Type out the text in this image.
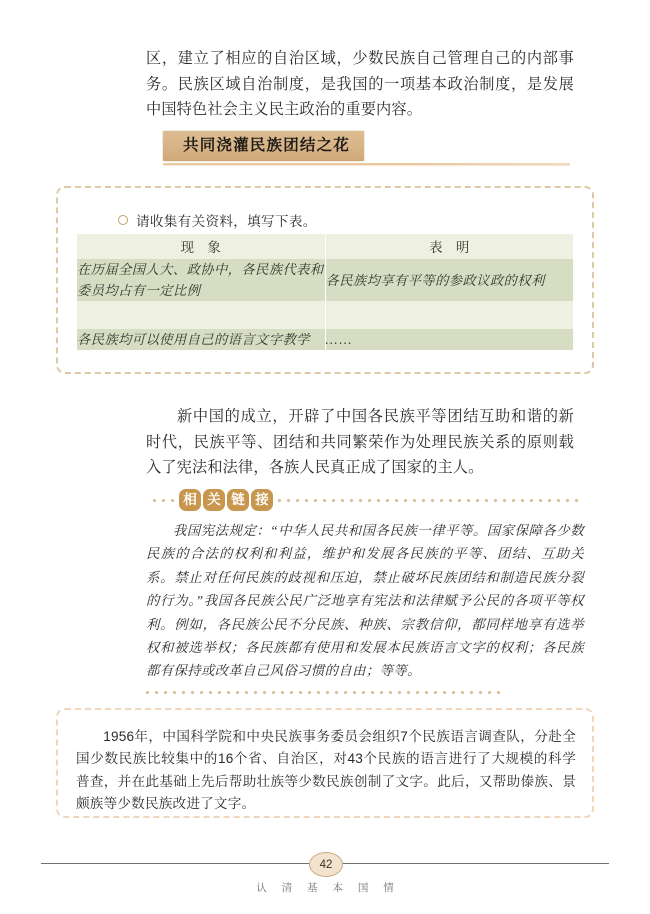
区，建立了相应的自治区域，少数民族自己管理自己的内部事务。民族区域自治制度，是我国的一项基本政治制度，是发展中国特色社会主义民主政治的重要内容。
共同浇灌民族团结之花
请收集有关资料，填写下表。
现 象	表 明
在历届全国人大、政协中，各民族代表和委员均占有一定比例	各民族均享有平等的参政议政的权利

各民族均可以使用自己的语言文字教学	……
新中国的成立，开辟了中国各民族平等团结互助和谐的新时代，民族平等、团结和共同繁荣作为处理民族关系的原则载入了宪法和法律，各族人民真正成了国家的主人。
相 关 链 接
我国宪法规定：“中华人民共和国各民族一律平等。国家保障各少数民族的合法的权利和利益，维护和发展各民族的平等、团结、互助关系。禁止对任何民族的歧视和压迫，禁止破坏民族团结和制造民族分裂的行为。”我国各民族公民广泛地享有宪法和法律赋予公民的各项平等权利。例如，各民族公民不分民族、种族、宗教信仰，都同样地享有选举权和被选举权；各民族都有使用和发展本民族语言文字的权利；各民族都有保持或改革自己风俗习惯的自由；等等。
1956年，中国科学院和中央民族事务委员会组织7个民族语言调查队，分赴全国少数民族比较集中的16个省、自治区，对43个民族的语言进行了大规模的科学普查，并在此基础上先后帮助壮族等少数民族创制了文字。此后，又帮助傣族、景颇族等少数民族改进了文字。
42
认 清 基 本 国 情
